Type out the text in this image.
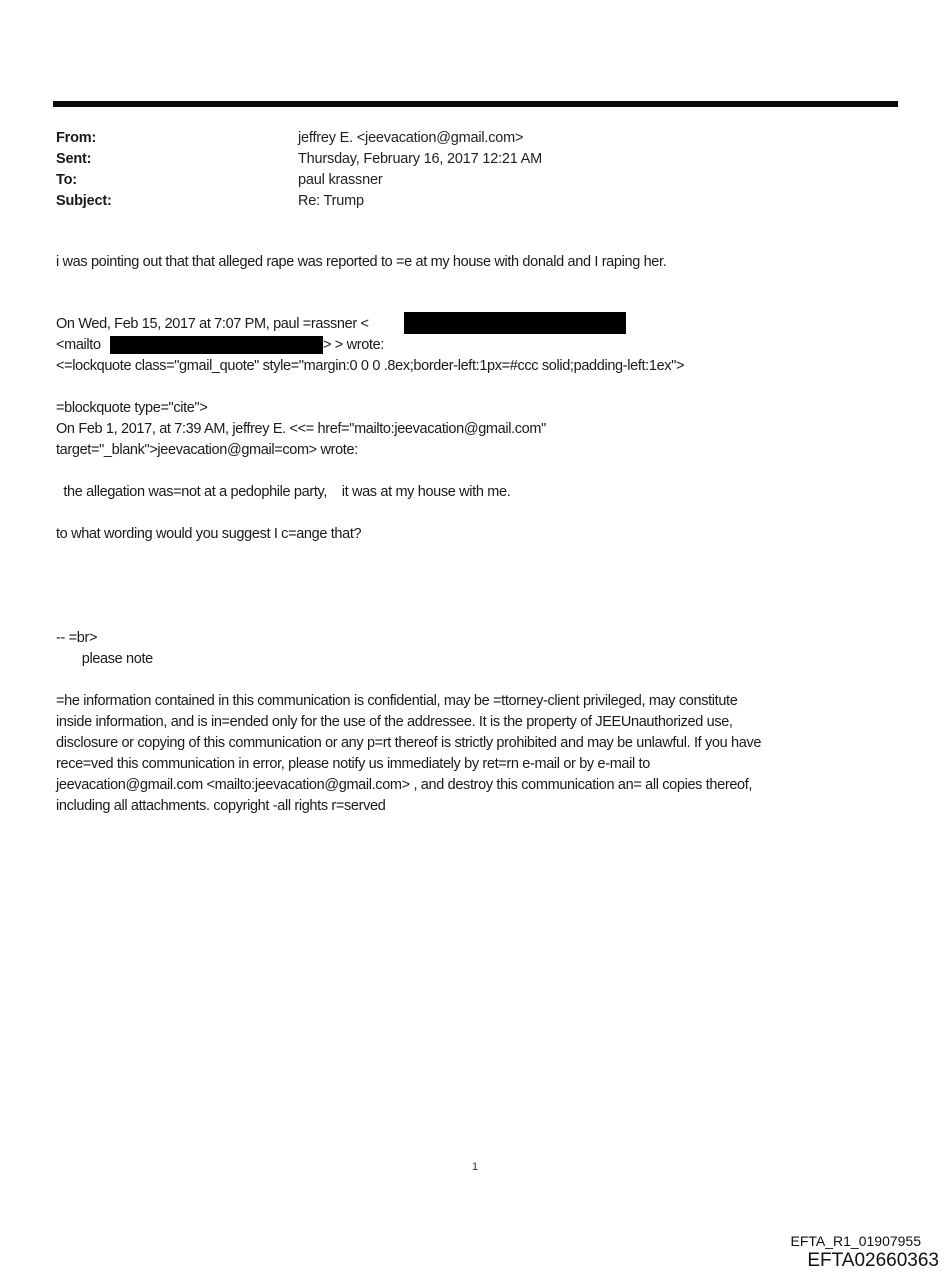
From:	jeffrey E. <jeevacation@gmail.com>
Sent:	Thursday, February 16, 2017 12:21 AM
To:	paul krassner
Subject:	Re: Trump
i was pointing out that that alleged rape was reported to =e at my house with donald and I raping her.
On Wed, Feb 15, 2017 at 7:07 PM, paul =rassner <
<mailto	> > wrote:
<=lockquote class="gmail_quote" style="margin:0 0 0 .8ex;border-left:1px=#ccc solid;padding-left:1ex">
=blockquote type="cite">
On Feb 1, 2017, at 7:39 AM, jeffrey E. <<= href="mailto:jeevacation@gmail.com"
target="_blank">jeevacation@gmail=com> wrote:
the allegation was=not at a pedophile party,    it was at my house with me.
to what wording would you suggest I c=ange that?
-- =br>
please note
=he information contained in this communication is confidential, may be =ttorney-client privileged, may constitute
inside information, and is in=ended only for the use of the addressee. It is the property of JEEUnauthorized use,
disclosure or copying of this communication or any p=rt thereof is strictly prohibited and may be unlawful. If you have
rece=ved this communication in error, please notify us immediately by ret=rn e-mail or by e-mail to
jeevacation@gmail.com <mailto:jeevacation@gmail.com> , and destroy this communication an= all copies thereof,
including all attachments. copyright -all rights r=served
1
EFTA_R1_01907955
EFTA02660363
